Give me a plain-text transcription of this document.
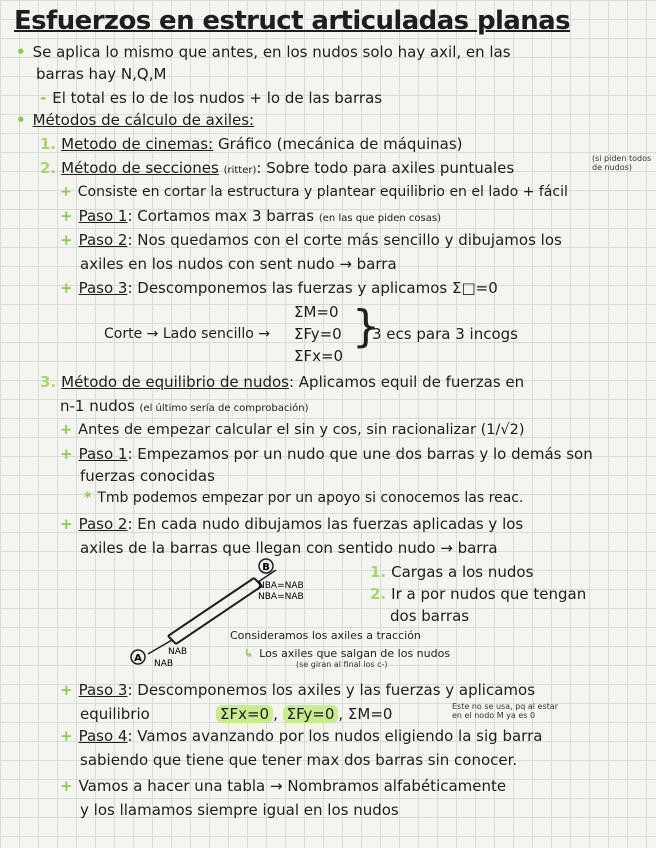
Esfuerzos en estruct articuladas planas
• Se aplica lo mismo que antes, en los nudos solo hay axil, en las
barras hay N,Q,M
- El total es lo de los nudos + lo de las barras
• Métodos de cálculo de axiles:
1. Metodo de cinemas: Gráfico (mecánica de máquinas)
2. Método de secciones (ritter): Sobre todo para axiles puntuales
(si piden todos
de nudos)
+ Consiste en cortar la estructura y plantear equilibrio en el lado + fácil
+ Paso 1: Cortamos max 3 barras (en las que piden cosas)
+ Paso 2: Nos quedamos con el corte más sencillo y dibujamos los
axiles en los nudos con sent nudo → barra
+ Paso 3: Descomponemos las fuerzas y aplicamos Σ□=0
Corte → Lado sencillo →
ΣM=0
ΣFy=0
ΣFx=0
}
3 ecs para 3 incogs
3. Método de equilibrio de nudos: Aplicamos equil de fuerzas en
n-1 nudos (el último sería de comprobación)
+ Antes de empezar calcular el sin y cos, sin racionalizar (1/√2)
+ Paso 1: Empezamos por un nudo que une dos barras y lo demás son
fuerzas conocidas
* Tmb podemos empezar por un apoyo si conocemos las reac.
+ Paso 2: En cada nudo dibujamos las fuerzas aplicadas y los
axiles de la barras que llegan con sentido nudo → barra
B
A
NBA=NAB
NBA=NAB
NAB
NAB
1. Cargas a los nudos
2. Ir a por nudos que tengan
dos barras
Consideramos los axiles a tracción
↳ Los axiles que salgan de los nudos
(se giran al final los c-)
+ Paso 3: Descomponemos los axiles y las fuerzas y aplicamos
equilibrio	ΣFx=0 , ΣFy=0 , ΣM=0	Este no se usa, pq al estar
en el nodo M ya es 0
+ Paso 4: Vamos avanzando por los nudos eligiendo la sig barra
sabiendo que tiene que tener max dos barras sin conocer.
+ Vamos a hacer una tabla → Nombramos alfabéticamente
y los llamamos siempre igual en los nudos
